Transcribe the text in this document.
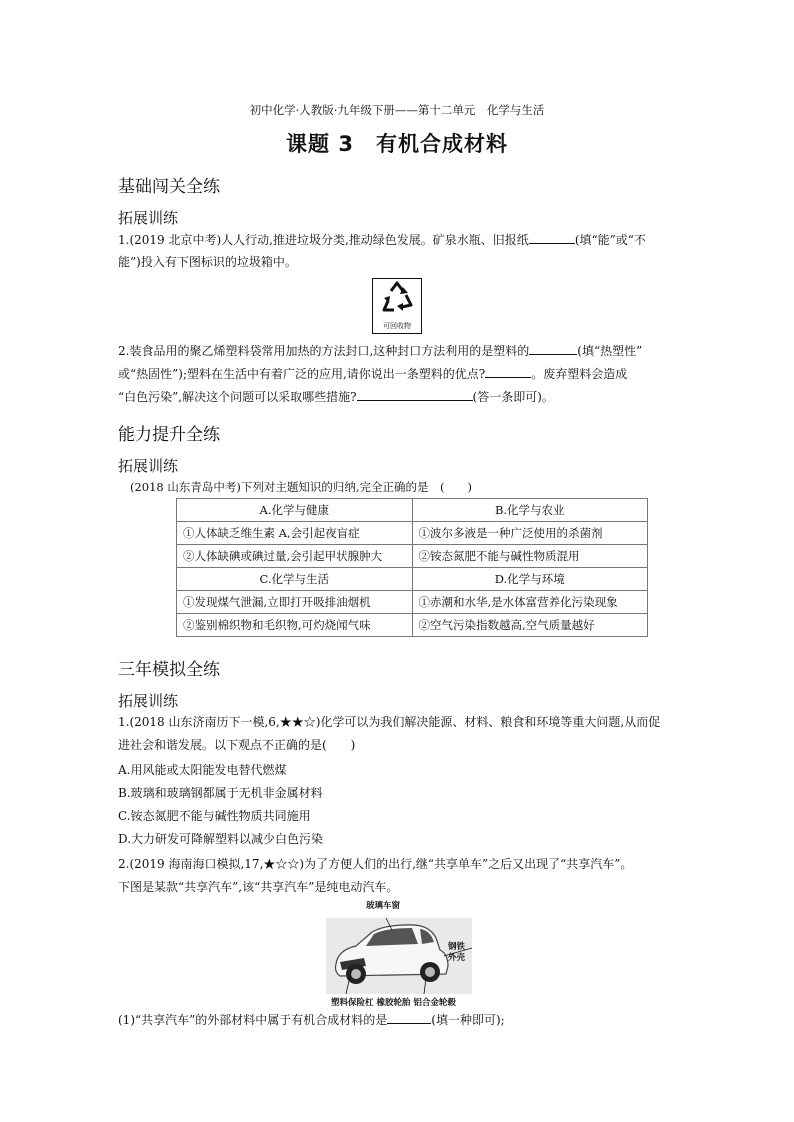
初中化学·人教版·九年级下册——第十二单元　化学与生活
课题 3　有机合成材料
基础闯关全练
拓展训练
1.(2019 北京中考)人人行动,推进垃圾分类,推动绿色发展。矿泉水瓶、旧报纸	(填“能”或“不
能”)投入有下图标识的垃圾箱中。
可回收物
2.装食品用的聚乙烯塑料袋常用加热的方法封口,这种封口方法利用的是塑料的	(填“热塑性”
或“热固性”);塑料在生活中有着广泛的应用,请你说出一条塑料的优点?	。废弃塑料会造成
“白色污染”,解决这个问题可以采取哪些措施?	(答一条即可)。
能力提升全练
拓展训练
(2018 山东青岛中考)下列对主题知识的归纳,完全正确的是　(　　)
A.化学与健康	B.化学与农业
①人体缺乏维生素 A,会引起夜盲症	①波尔多液是一种广泛使用的杀菌剂
②人体缺碘或碘过量,会引起甲状腺肿大	②铵态氮肥不能与碱性物质混用
C.化学与生活	D.化学与环境
①发现煤气泄漏,立即打开吸排油烟机	①赤潮和水华,是水体富营养化污染现象
②鉴别棉织物和毛织物,可灼烧闻气味	②空气污染指数越高,空气质量越好
三年模拟全练
拓展训练
1.(2018 山东济南历下一模,6,★★☆)化学可以为我们解决能源、材料、粮食和环境等重大问题,从而促
进社会和谐发展。以下观点不正确的是(　　)
A.用风能或太阳能发电替代燃煤
B.玻璃和玻璃钢都属于无机非金属材料
C.铵态氮肥不能与碱性物质共同施用
D.大力研发可降解塑料以减少白色污染
2.(2019 海南海口模拟,17,★☆☆)为了方便人们的出行,继“共享单车”之后又出现了“共享汽车”。
下图是某款“共享汽车”,该“共享汽车”是纯电动汽车。
玻璃车窗
钢铁
外壳
塑料保险杠 橡胶轮胎 铝合金轮毂
(1)“共享汽车”的外部材料中属于有机合成材料的是	(填一种即可);
